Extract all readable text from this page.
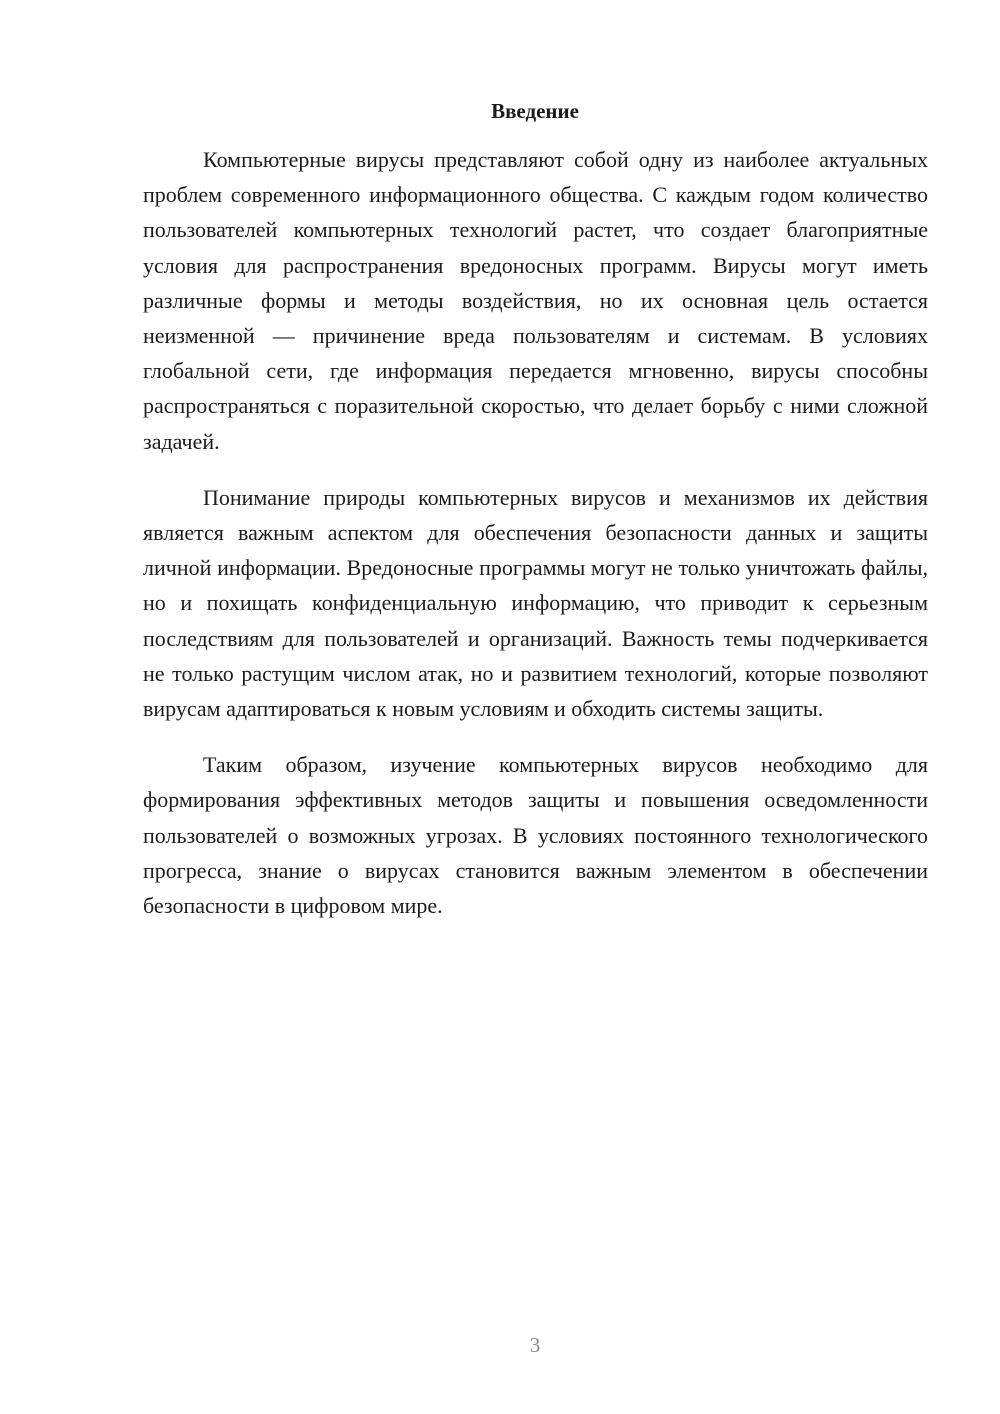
Введение

Компьютерные вирусы представляют собой одну из наиболее актуальных проблем современного информационного общества. С каждым годом количество пользователей компьютерных технологий растет, что создает благоприятные условия для распространения вредоносных программ. Вирусы могут иметь различные формы и методы воздействия, но их основная цель остается неизменной — причинение вреда пользователям и системам. В условиях глобальной сети, где информация передается мгновенно, вирусы способны распространяться с поразительной скоростью, что делает борьбу с ними сложной задачей.

Понимание природы компьютерных вирусов и механизмов их действия является важным аспектом для обеспечения безопасности данных и защиты личной информации. Вредоносные программы могут не только уничтожать файлы, но и похищать конфиденциальную информацию, что приводит к серьезным последствиям для пользователей и организаций. Важность темы подчеркивается не только растущим числом атак, но и развитием технологий, которые позволяют вирусам адаптироваться к новым условиям и обходить системы защиты.

Таким образом, изучение компьютерных вирусов необходимо для формирования эффективных методов защиты и повышения осведомленности пользователей о возможных угрозах. В условиях постоянного технологического прогресса, знание о вирусах становится важным элементом в обеспечении безопасности в цифровом мире.

3
